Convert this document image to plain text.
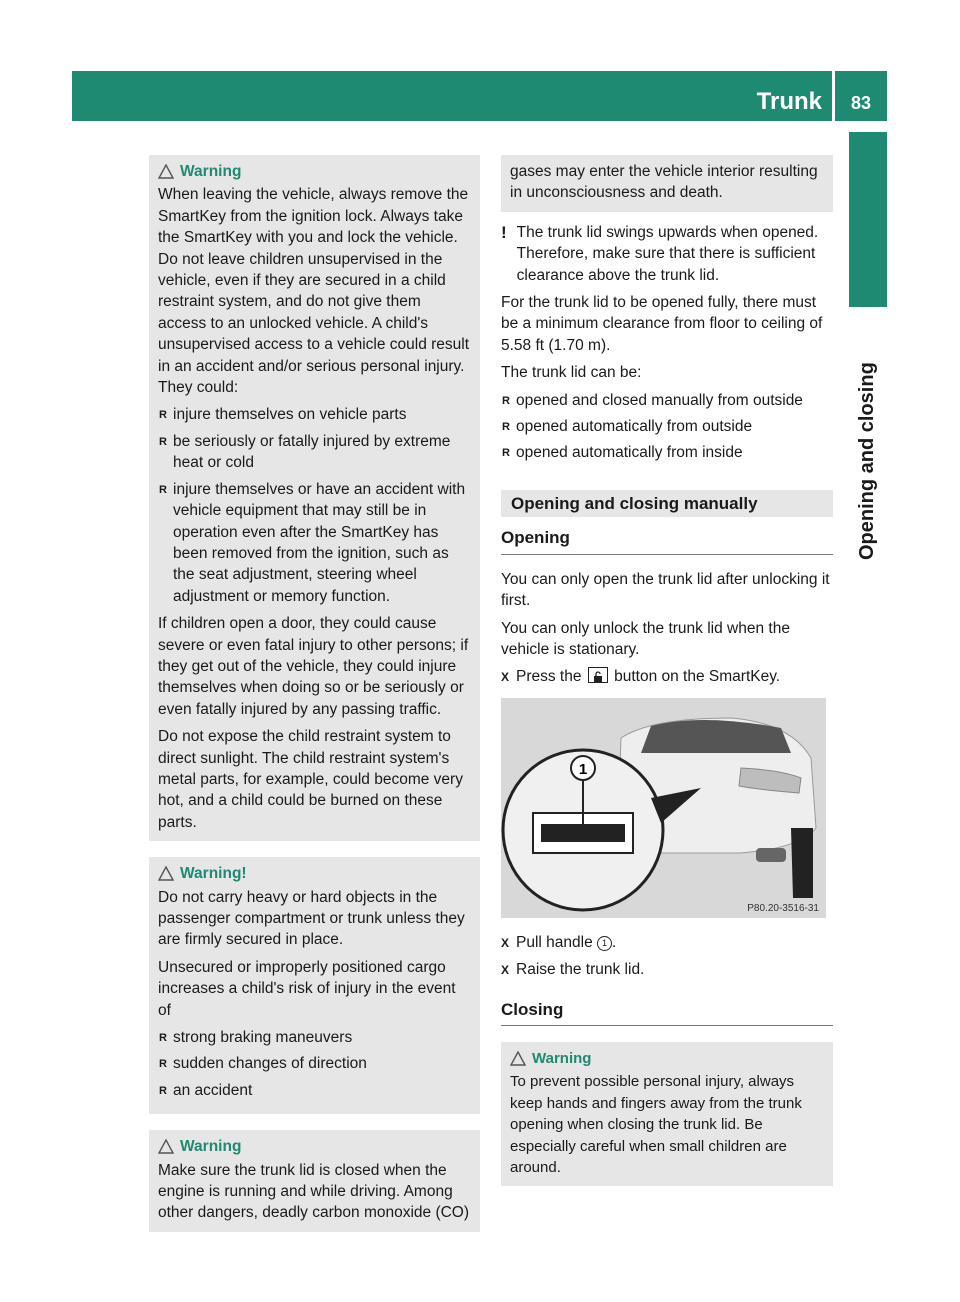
Trunk	83
Opening and closing
Warning

When leaving the vehicle, always remove the SmartKey from the ignition lock. Always take the SmartKey with you and lock the vehicle. Do not leave children unsupervised in the vehicle, even if they are secured in a child restraint system, and do not give them access to an unlocked vehicle. A child's unsupervised access to a vehicle could result in an accident and/or serious personal injury. They could:

R injure themselves on vehicle parts
R be seriously or fatally injured by extreme heat or cold
R injure themselves or have an accident with vehicle equipment that may still be in operation even after the SmartKey has been removed from the ignition, such as the seat adjustment, steering wheel adjustment or memory function.

If children open a door, they could cause severe or even fatal injury to other persons; if they get out of the vehicle, they could injure themselves when doing so or be seriously or even fatally injured by any passing traffic.

Do not expose the child restraint system to direct sunlight. The child restraint system's metal parts, for example, could become very hot, and a child could be burned on these parts.

Warning!

Do not carry heavy or hard objects in the passenger compartment or trunk unless they are firmly secured in place.

Unsecured or improperly positioned cargo increases a child's risk of injury in the event of

R strong braking maneuvers
R sudden changes of direction
R an accident
Warning

Make sure the trunk lid is closed when the engine is running and while driving. Among other dangers, deadly carbon monoxide (CO)

gases may enter the vehicle interior resulting in unconsciousness and death.

! The trunk lid swings upwards when opened. Therefore, make sure that there is sufficient clearance above the trunk lid.

For the trunk lid to be opened fully, there must be a minimum clearance from floor to ceiling of 5.58 ft (1.70 m).

The trunk lid can be:

R opened and closed manually from outside
R opened automatically from outside
R opened automatically from inside
Opening and closing manually
Opening

You can only open the trunk lid after unlocking it first.

You can only unlock the trunk lid when the vehicle is stationary.

X Press the button on the SmartKey.
1
P80.20-3516-31
X Pull handle 1 .
X Raise the trunk lid.
Closing
Warning

To prevent possible personal injury, always keep hands and fingers away from the trunk opening when closing the trunk lid. Be especially careful when small children are around.
